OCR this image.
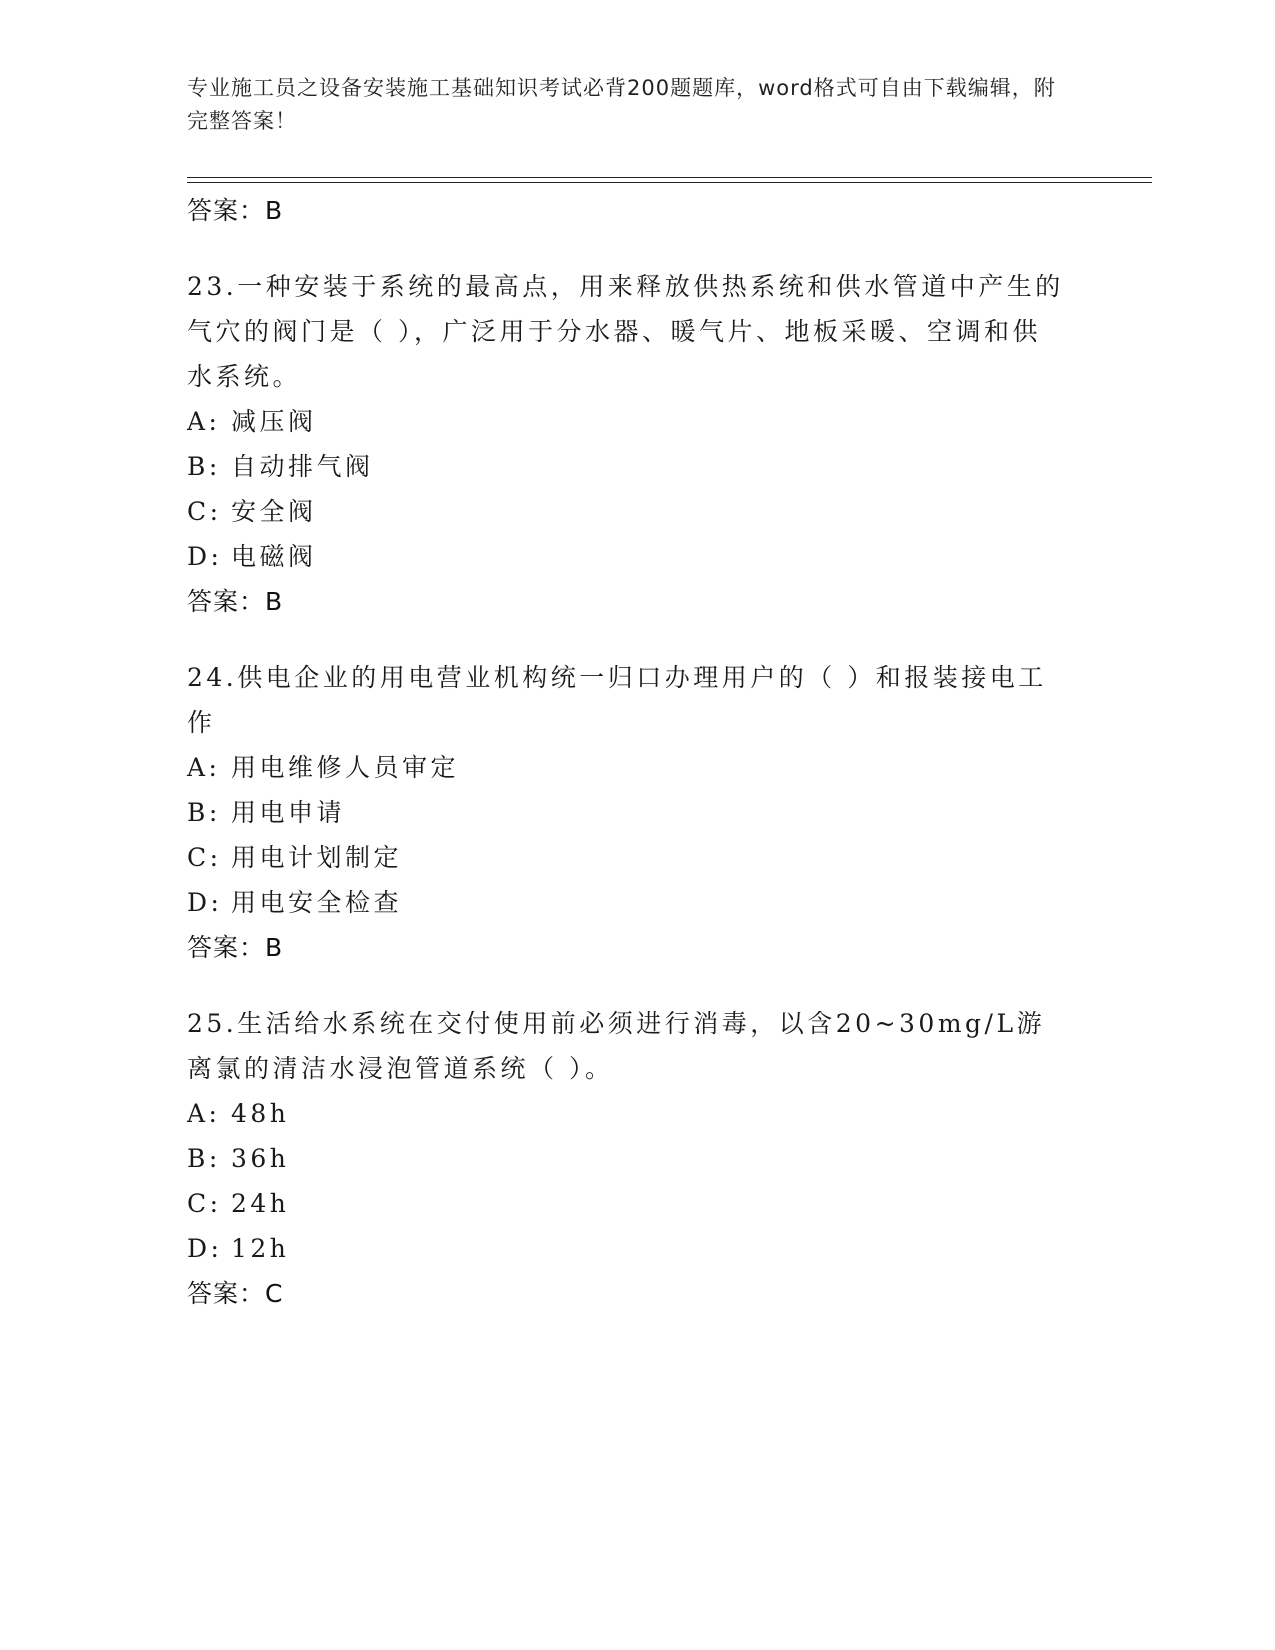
专业施工员之设备安装施工基础知识考试必背200题题库，word格式可自由下载编辑，附完整答案！
答案：B
23.一种安装于系统的最高点，用来释放供热系统和供水管道中产生的气穴的阀门是（ ），广泛用于分水器、暖气片、地板采暖、空调和供水系统。
A: 减压阀
B: 自动排气阀
C: 安全阀
D: 电磁阀
答案：B
24.供电企业的用电营业机构统一归口办理用户的（ ）和报装接电工作
A: 用电维修人员审定
B: 用电申请
C: 用电计划制定
D: 用电安全检查
答案：B
25.生活给水系统在交付使用前必须进行消毒，以含20~30mg/L游离氯的清洁水浸泡管道系统（ ）。
A: 48h
B: 36h
C: 24h
D: 12h
答案：C
